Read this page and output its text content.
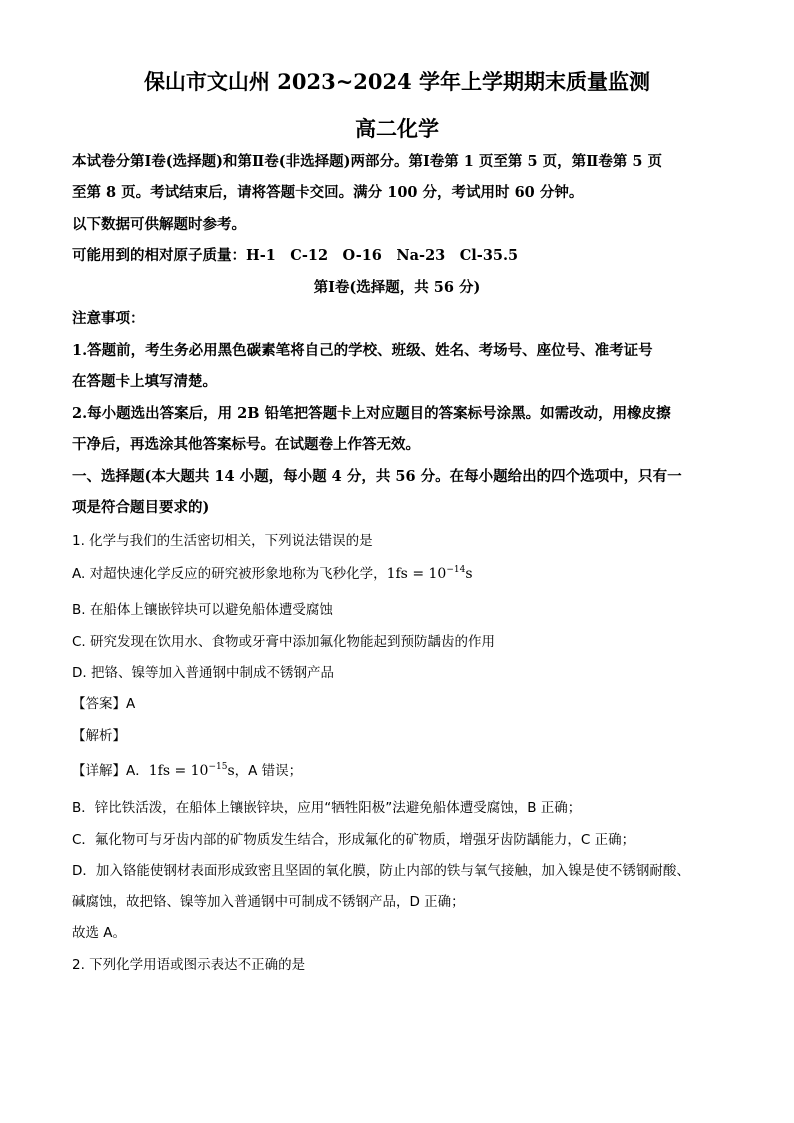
保山市文山州 2023~2024 学年上学期期末质量监测
高二化学
本试卷分第Ⅰ卷(选择题)和第Ⅱ卷(非选择题)两部分。第Ⅰ卷第 1 页至第 5 页，第Ⅱ卷第 5 页
至第 8 页。考试结束后，请将答题卡交回。满分 100 分，考试用时 60 分钟。
以下数据可供解题时参考。
可能用到的相对原子质量：H-1　C-12　O-16　Na-23　Cl-35.5
第Ⅰ卷(选择题，共 56 分)
注意事项：
1.答题前，考生务必用黑色碳素笔将自己的学校、班级、姓名、考场号、座位号、准考证号
在答题卡上填写清楚。
2.每小题选出答案后，用 2B 铅笔把答题卡上对应题目的答案标号涂黑。如需改动，用橡皮擦
干净后，再选涂其他答案标号。在试题卷上作答无效。
一、选择题(本大题共 14 小题，每小题 4 分，共 56 分。在每小题给出的四个选项中，只有一
项是符合题目要求的)
1. 化学与我们的生活密切相关，下列说法错误的是
A. 对超快速化学反应的研究被形象地称为飞秒化学，$1fs = 10^{-14}s$
B. 在船体上镶嵌锌块可以避免船体遭受腐蚀
C. 研究发现在饮用水、食物或牙膏中添加氟化物能起到预防龋齿的作用
D. 把铬、镍等加入普通钢中制成不锈钢产品
【答案】A
【解析】
【详解】A．$1fs = 10^{-15}s$，A 错误；
B．锌比铁活泼，在船体上镶嵌锌块，应用“牺牲阳极”法避免船体遭受腐蚀，B 正确；
C．氟化物可与牙齿内部的矿物质发生结合，形成氟化的矿物质，增强牙齿防龋能力，C 正确；
D．加入铬能使钢材表面形成致密且坚固的氧化膜，防止内部的铁与氧气接触，加入镍是使不锈钢耐酸、
碱腐蚀，故把铬、镍等加入普通钢中可制成不锈钢产品，D 正确；
故选 A。
2. 下列化学用语或图示表达不正确的是
